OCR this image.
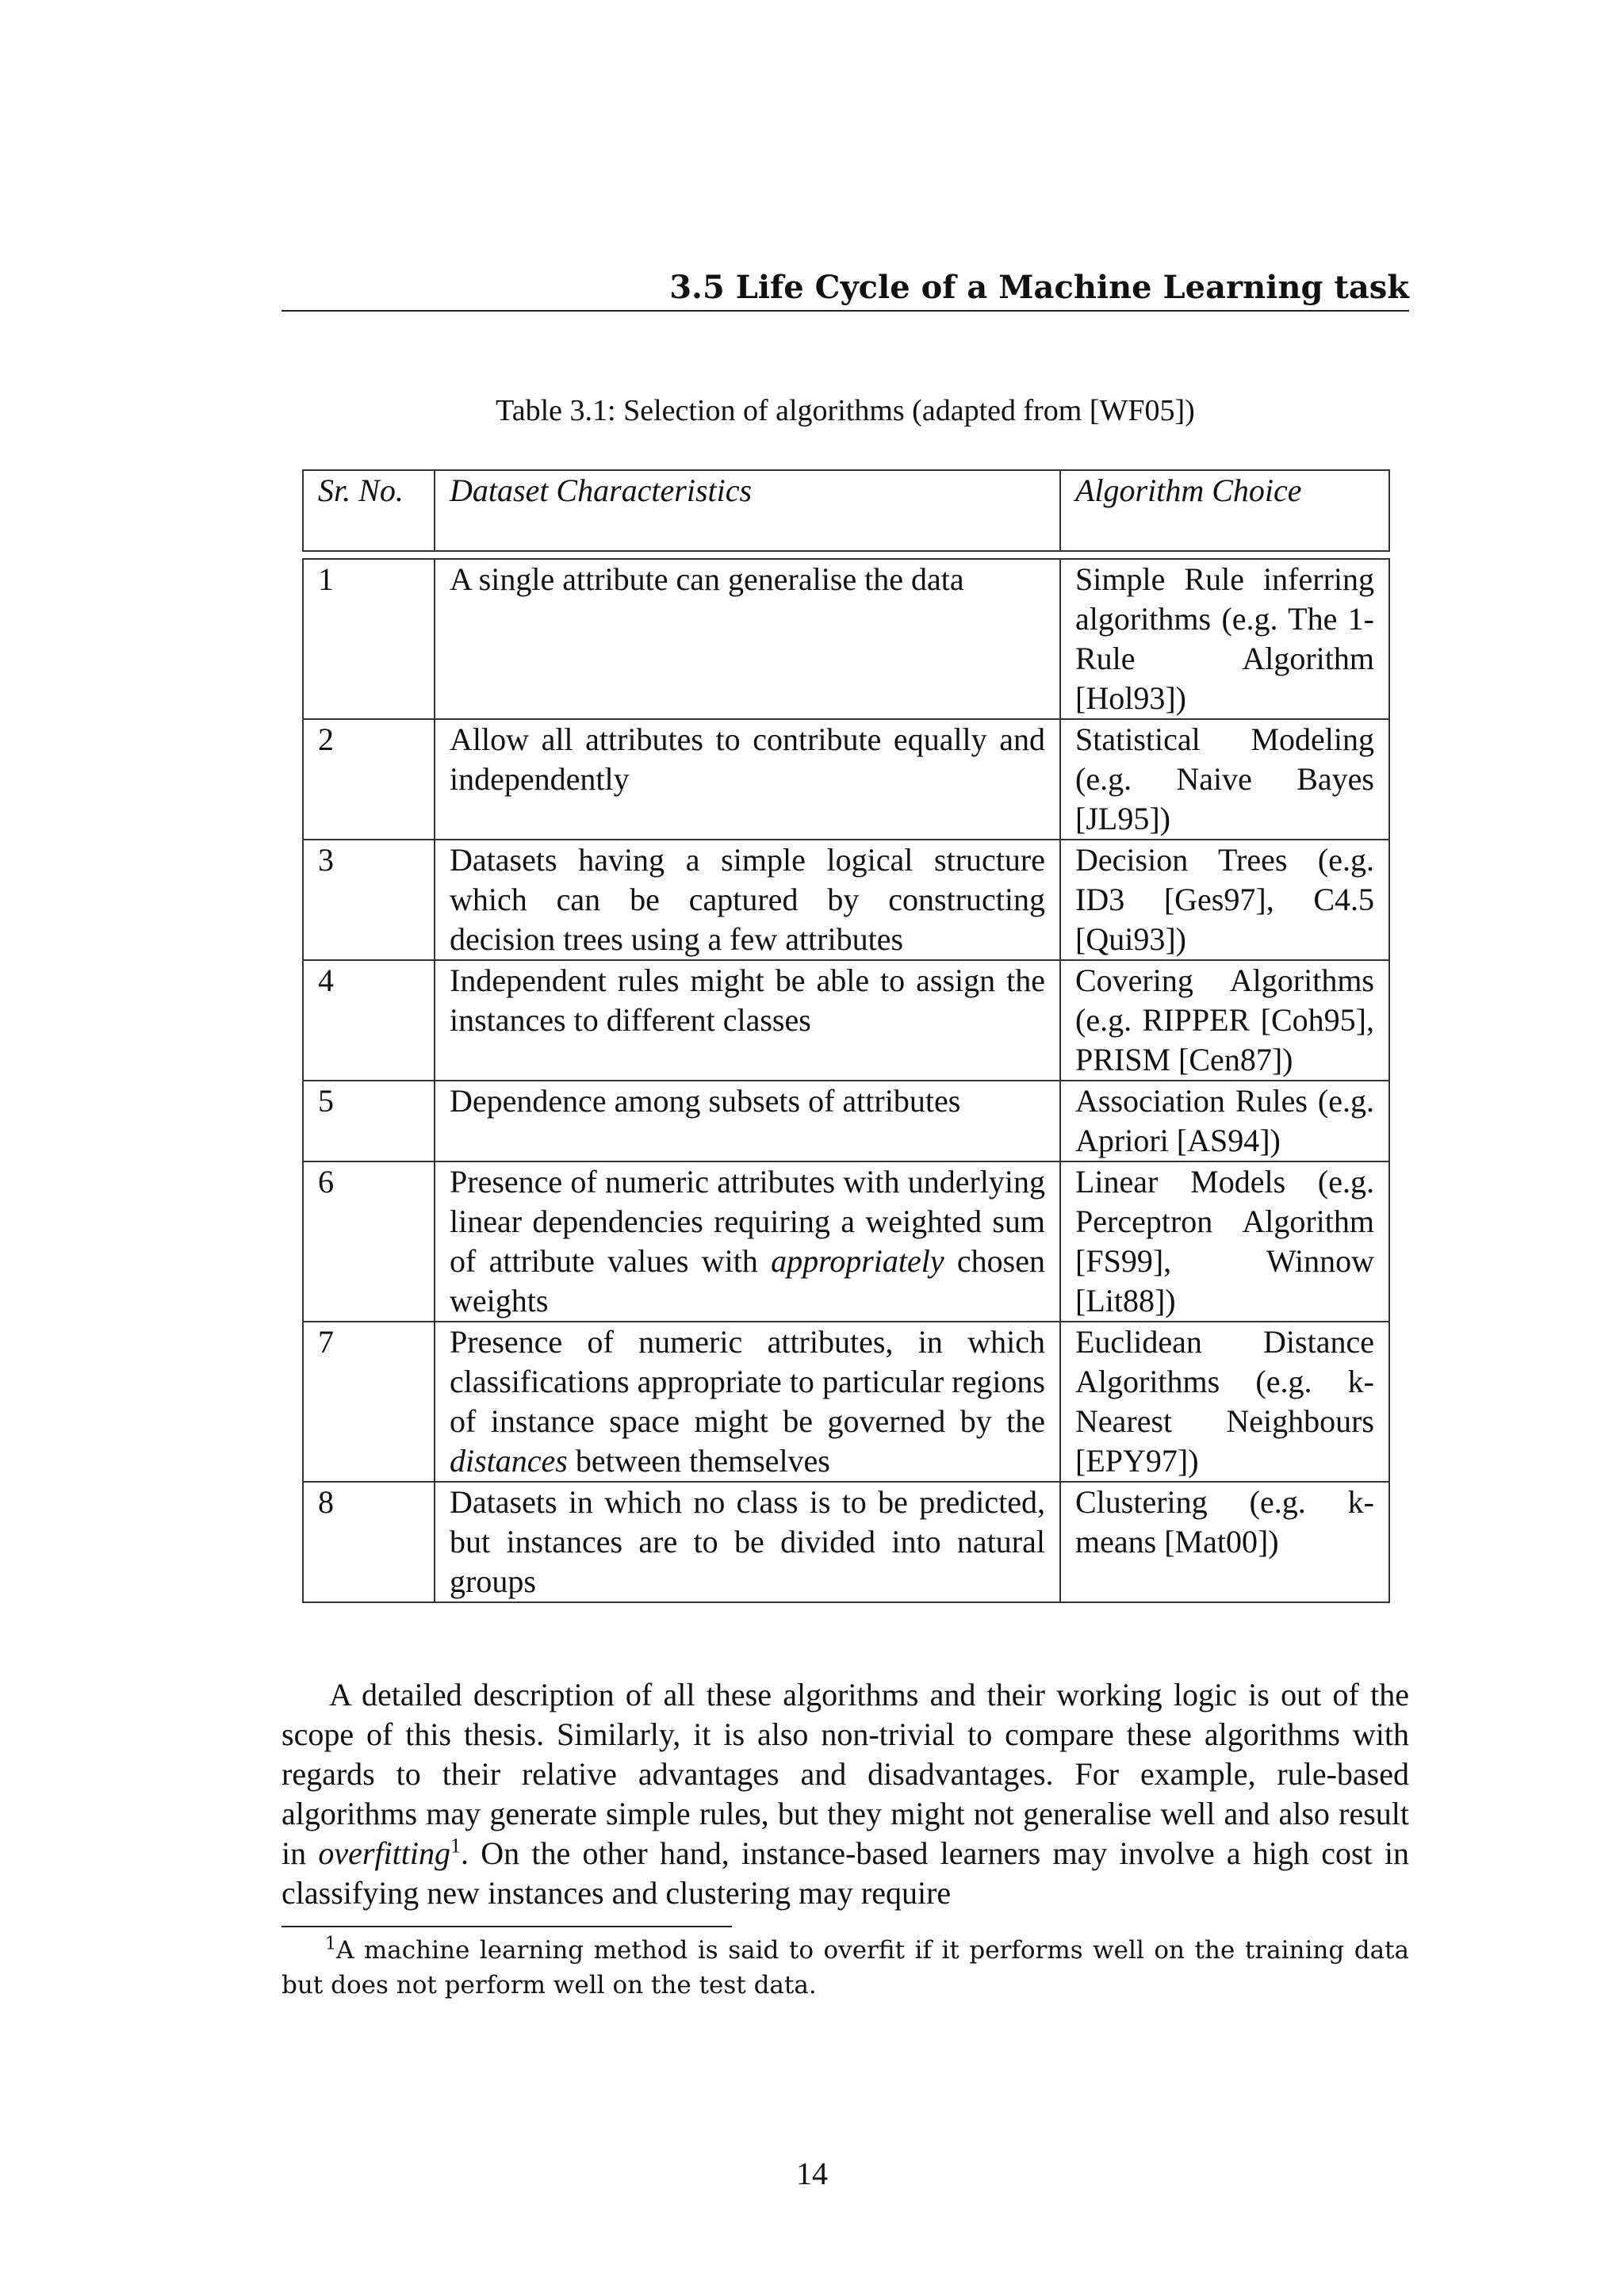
3.5 Life Cycle of a Machine Learning task
Table 3.1: Selection of algorithms (adapted from [WF05])
Sr. No.	Dataset Characteristics	Algorithm Choice

1	A single attribute can generalise the data	Simple Rule inferring algorithms (e.g. The 1- Rule Algorithm [Hol93])
2	Allow all attributes to contribute equally and independently	Statistical Modeling (e.g. Naive Bayes [JL95])
3	Datasets having a simple logical structure which can be captured by constructing decision trees using a few attributes	Decision Trees (e.g. ID3 [Ges97], C4.5 [Qui93])
4	Independent rules might be able to assign the instances to different classes	Covering Algorithms (e.g. RIPPER [Coh95], PRISM [Cen87])
5	Dependence among subsets of attributes	Association Rules (e.g. Apriori [AS94])
6	Presence of numeric attributes with underlying linear dependencies requiring a weighted sum of attribute values with appropriately chosen weights	Linear Models (e.g. Perceptron Algorithm [FS99], Winnow [Lit88])
7	Presence of numeric attributes, in which classifications appropriate to particular regions of instance space might be governed by the distances between themselves	Euclidean Distance Algorithms (e.g. k-Nearest Neighbours [EPY97])
8	Datasets in which no class is to be predicted, but instances are to be divided into natural groups	Clustering (e.g. k-means [Mat00])

A detailed description of all these algorithms and their working logic is out of the scope of this thesis. Similarly, it is also non-trivial to compare these algorithms with regards to their relative advantages and disadvantages. For example, rule-based algorithms may generate simple rules, but they might not generalise well and also result in overfitting$^1$. On the other hand, instance-based learners may involve a high cost in classifying new instances and clustering may require

$^1$A machine learning method is said to overfit if it performs well on the training data but does not perform well on the test data.

14
